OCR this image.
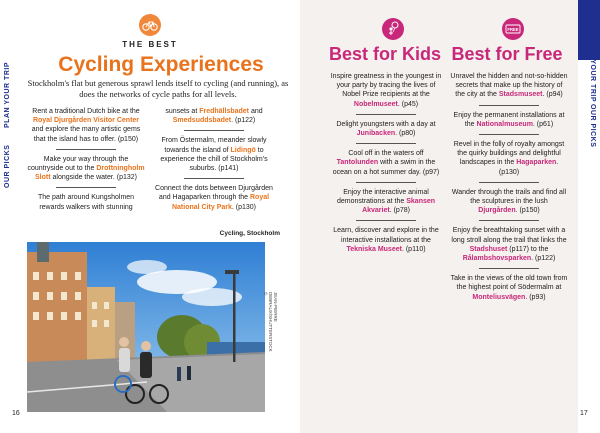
PLAN YOUR TRIP
OUR PICKS
THE BEST
Cycling Experiences
Stockholm's flat but generous sprawl lends itself to cycling (and running), as does the networks of cycle paths for all levels.

Rent a traditional Dutch bike at the Royal Djurgården Visitor Center and explore the many artistic gems that the island has to offer. (p150)

Make your way through the countryside out to the Drottningholm Slott alongside the water. (p132)

The path around Kungsholmen rewards walkers with stunning

sunsets at Fredhällsbadet and Smedsuddsbadet. (p122)

From Östermalm, meander slowly towards the island of Lidingö to experience the chill of Stockholm's suburbs. (p141)

Connect the dots between Djurgården and Hagaparken through the Royal National City Park. (p130)

Cycling, Stockholm
JEAN-PIERRE DEBRAUX/SHUTTERSTOCK ©
16
PLAN YOUR TRIP
OUR PICKS
FREE
Best for Kids Best for Free

Inspire greatness in the youngest in your party by tracing the lives of Nobel Prize recipients at the Nobelmuseet. (p45)

Delight youngsters with a day at Junibacken. (p80)

Cool off in the waters off Tantolunden with a swim in the ocean on a hot summer day. (p97)

Enjoy the interactive animal demonstrations at the Skansen Akvariet. (p78)

Learn, discover and explore in the interactive installations at the Tekniska Museet. (p110)

Unravel the hidden and not-so-hidden secrets that make up the history of the city at the Stadsmuseet. (p94)

Enjoy the permanent installations at the Nationalmuseum. (p61)

Revel in the folly of royalty amongst the quirky buildings and delightful landscapes in the Hagaparken. (p130)

Wander through the trails and find all the sculptures in the lush Djurgården. (p150)

Enjoy the breathtaking sunset with a long stroll along the trail that links the Stadshuset (p117) to the Rålambshovsparken. (p122)

Take in the views of the old town from the highest point of Södermalm at Monteliusvägen. (p93)

17
